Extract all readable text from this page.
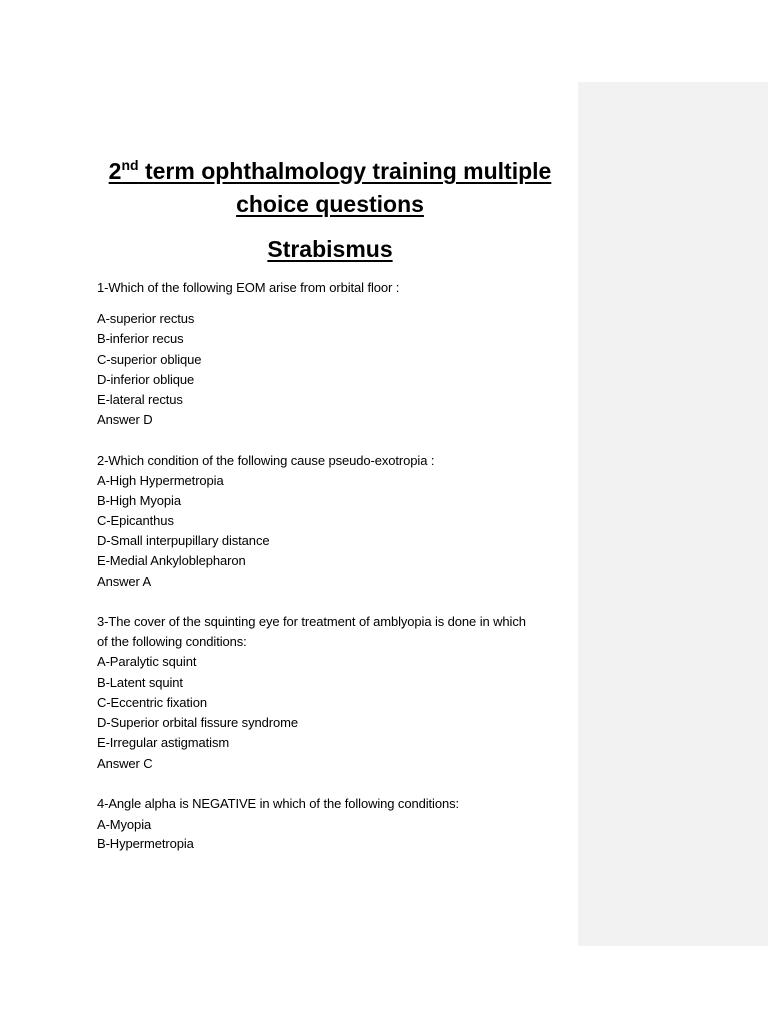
2nd term ophthalmology training multiple
choice questions
Strabismus
1-Which of the following EOM arise from orbital floor :
A-superior rectus
B-inferior recus
C-superior oblique
D-inferior oblique
E-lateral rectus
Answer D
2-Which condition of the following cause pseudo-exotropia :
A-High Hypermetropia
B-High Myopia
C-Epicanthus
D-Small interpupillary distance
E-Medial Ankyloblepharon
Answer A
3-The cover of the squinting eye for treatment of amblyopia is done in which
of the following conditions:
A-Paralytic squint
B-Latent squint
C-Eccentric fixation
D-Superior orbital fissure syndrome
E-Irregular astigmatism
Answer C
4-Angle alpha is NEGATIVE in which of the following conditions:
A-Myopia
B-Hypermetropia
